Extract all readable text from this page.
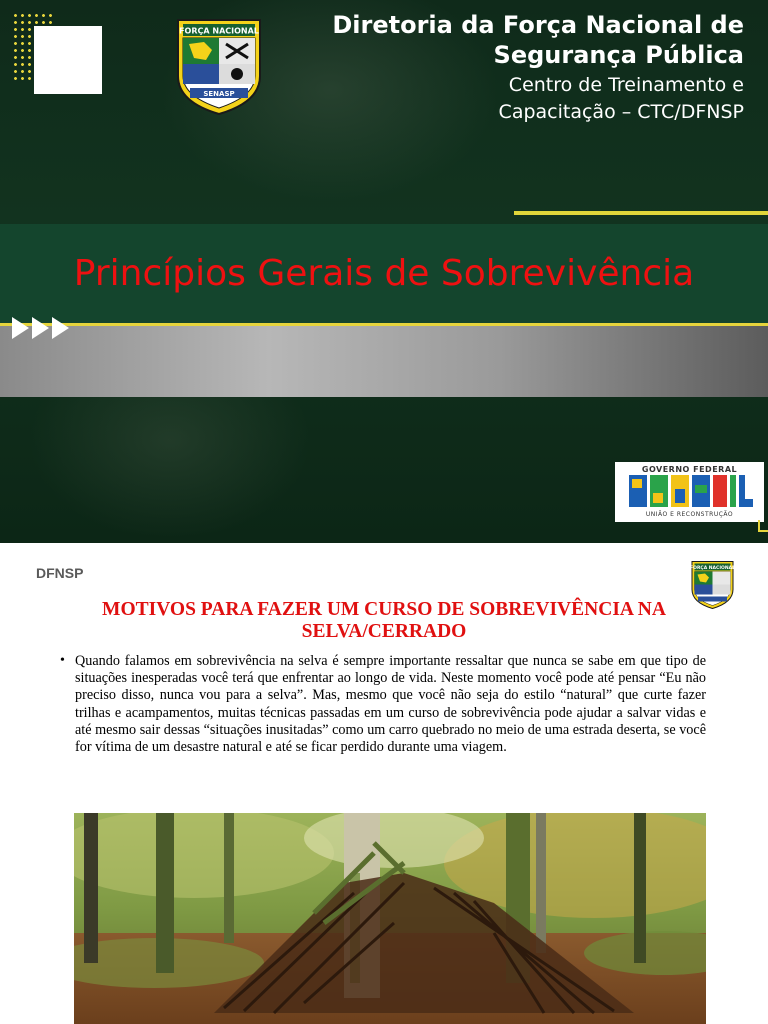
FORÇA NACIONAL
SENASP
Diretoria da Força Nacional de
Segurança Pública
Centro de Treinamento e
Capacitação – CTC/DFNSP
Princípios Gerais de Sobrevivência
GOVERNO FEDERAL
BRASIL
UNIÃO E RECONSTRUÇÃO
DFNSP	FORÇA NACIONAL
MOTIVOS PARA FAZER UM CURSO DE SOBREVIVÊNCIA NA
SELVA/CERRADO
• Quando falamos em sobrevivência na selva é sempre importante ressaltar que nunca se sabe em que tipo de situações inesperadas você terá que enfrentar ao longo de vida. Neste momento você pode até pensar “Eu não preciso disso, nunca vou para a selva”. Mas, mesmo que você não seja do estilo “natural” que curte fazer trilhas e acampamentos, muitas técnicas passadas em um curso de sobrevivência pode ajudar a salvar vidas e até mesmo sair dessas “situações inusitadas” como um carro quebrado no meio de uma estrada deserta, se você for vítima de um desastre natural e até se ficar perdido durante uma viagem.
